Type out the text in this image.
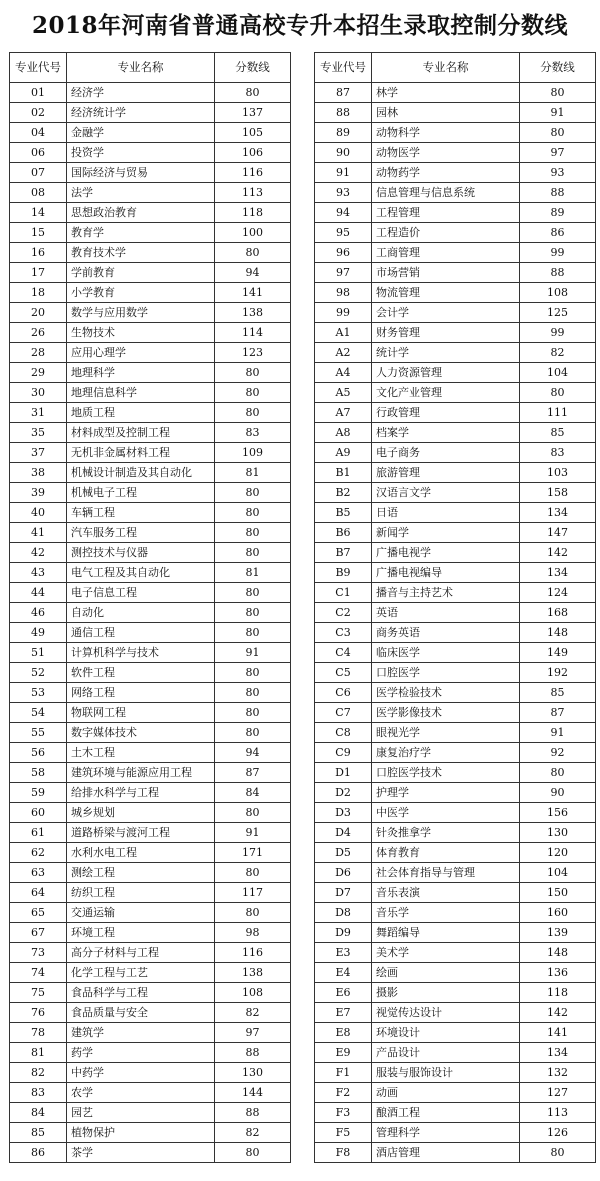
2018年河南省普通高校专升本招生录取控制分数线
专业代号	专业名称	分数线
01	经济学	80
02	经济统计学	137
04	金融学	105
06	投资学	106
07	国际经济与贸易	116
08	法学	113
14	思想政治教育	118
15	教育学	100
16	教育技术学	80
17	学前教育	94
18	小学教育	141
20	数学与应用数学	138
26	生物技术	114
28	应用心理学	123
29	地理科学	80
30	地理信息科学	80
31	地质工程	80
35	材料成型及控制工程	83
37	无机非金属材料工程	109
38	机械设计制造及其自动化	81
39	机械电子工程	80
40	车辆工程	80
41	汽车服务工程	80
42	测控技术与仪器	80
43	电气工程及其自动化	81
44	电子信息工程	80
46	自动化	80
49	通信工程	80
51	计算机科学与技术	91
52	软件工程	80
53	网络工程	80
54	物联网工程	80
55	数字媒体技术	80
56	土木工程	94
58	建筑环境与能源应用工程	87
59	给排水科学与工程	84
60	城乡规划	80
61	道路桥梁与渡河工程	91
62	水利水电工程	171
63	测绘工程	80
64	纺织工程	117
65	交通运输	80
67	环境工程	98
73	高分子材料与工程	116
74	化学工程与工艺	138
75	食品科学与工程	108
76	食品质量与安全	82
78	建筑学	97
81	药学	88
82	中药学	130
83	农学	144
84	园艺	88
85	植物保护	82
86	茶学	80
专业代号	专业名称	分数线
87	林学	80
88	园林	91
89	动物科学	80
90	动物医学	97
91	动物药学	93
93	信息管理与信息系统	88
94	工程管理	89
95	工程造价	86
96	工商管理	99
97	市场营销	88
98	物流管理	108
99	会计学	125
A1	财务管理	99
A2	统计学	82
A4	人力资源管理	104
A5	文化产业管理	80
A7	行政管理	111
A8	档案学	85
A9	电子商务	83
B1	旅游管理	103
B2	汉语言文学	158
B5	日语	134
B6	新闻学	147
B7	广播电视学	142
B9	广播电视编导	134
C1	播音与主持艺术	124
C2	英语	168
C3	商务英语	148
C4	临床医学	149
C5	口腔医学	192
C6	医学检验技术	85
C7	医学影像技术	87
C8	眼视光学	91
C9	康复治疗学	92
D1	口腔医学技术	80
D2	护理学	90
D3	中医学	156
D4	针灸推拿学	130
D5	体育教育	120
D6	社会体育指导与管理	104
D7	音乐表演	150
D8	音乐学	160
D9	舞蹈编导	139
E3	美术学	148
E4	绘画	136
E6	摄影	118
E7	视觉传达设计	142
E8	环境设计	141
E9	产品设计	134
F1	服装与服饰设计	132
F2	动画	127
F3	酿酒工程	113
F5	管理科学	126
F8	酒店管理	80
